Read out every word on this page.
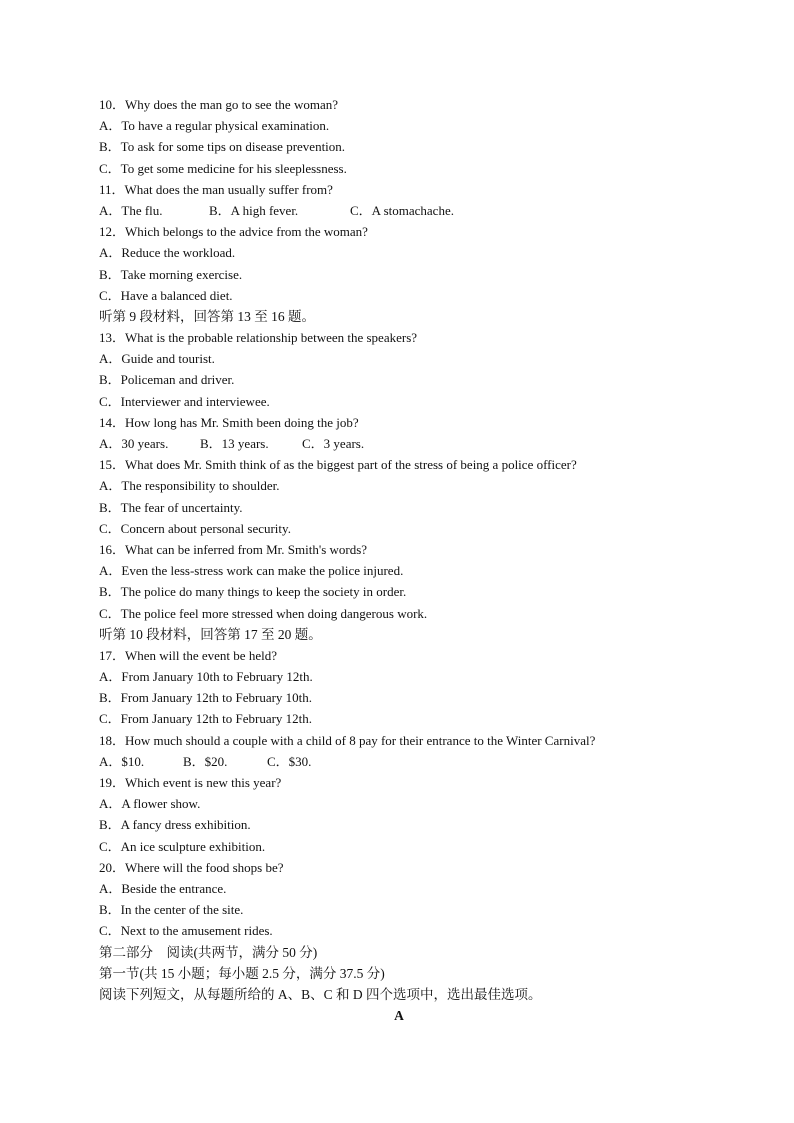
10．Why does the man go to see the woman?
A．To have a regular physical examination.
B．To ask for some tips on disease prevention.
C．To get some medicine for his sleeplessness.
11．What does the man usually suffer from?
A．The flu.	B．A high fever.	C．A stomachache.
12．Which belongs to the advice from the woman?
A．Reduce the workload.
B．Take morning exercise.
C．Have a balanced diet.
听第 9 段材料，回答第 13 至 16 题。
13．What is the probable relationship between the speakers?
A．Guide and tourist.
B．Policeman and driver.
C．Interviewer and interviewee.
14．How long has Mr. Smith been doing the job?
A．30 years.	B．13 years.	C．3 years.
15．What does Mr. Smith think of as the biggest part of the stress of being a police officer?
A．The responsibility to shoulder.
B．The fear of uncertainty.
C．Concern about personal security.
16．What can be inferred from Mr. Smith's words?
A．Even the less-stress work can make the police injured.
B．The police do many things to keep the society in order.
C．The police feel more stressed when doing dangerous work.
听第 10 段材料，回答第 17 至 20 题。
17．When will the event be held?
A．From January 10th to February 12th.
B．From January 12th to February 10th.
C．From January 12th to February 12th.
18．How much should a couple with a child of 8 pay for their entrance to the Winter Carnival?
A．$10.	B．$20.	C．$30.
19．Which event is new this year?
A．A flower show.
B．A fancy dress exhibition.
C．An ice sculpture exhibition.
20．Where will the food shops be?
A．Beside the entrance.
B．In the center of the site.
C．Next to the amusement rides.
第二部分　阅读(共两节，满分 50 分)
第一节(共 15 小题；每小题 2.5 分，满分 37.5 分)
阅读下列短文，从每题所给的 A、B、C 和 D 四个选项中，选出最佳选项。
A
